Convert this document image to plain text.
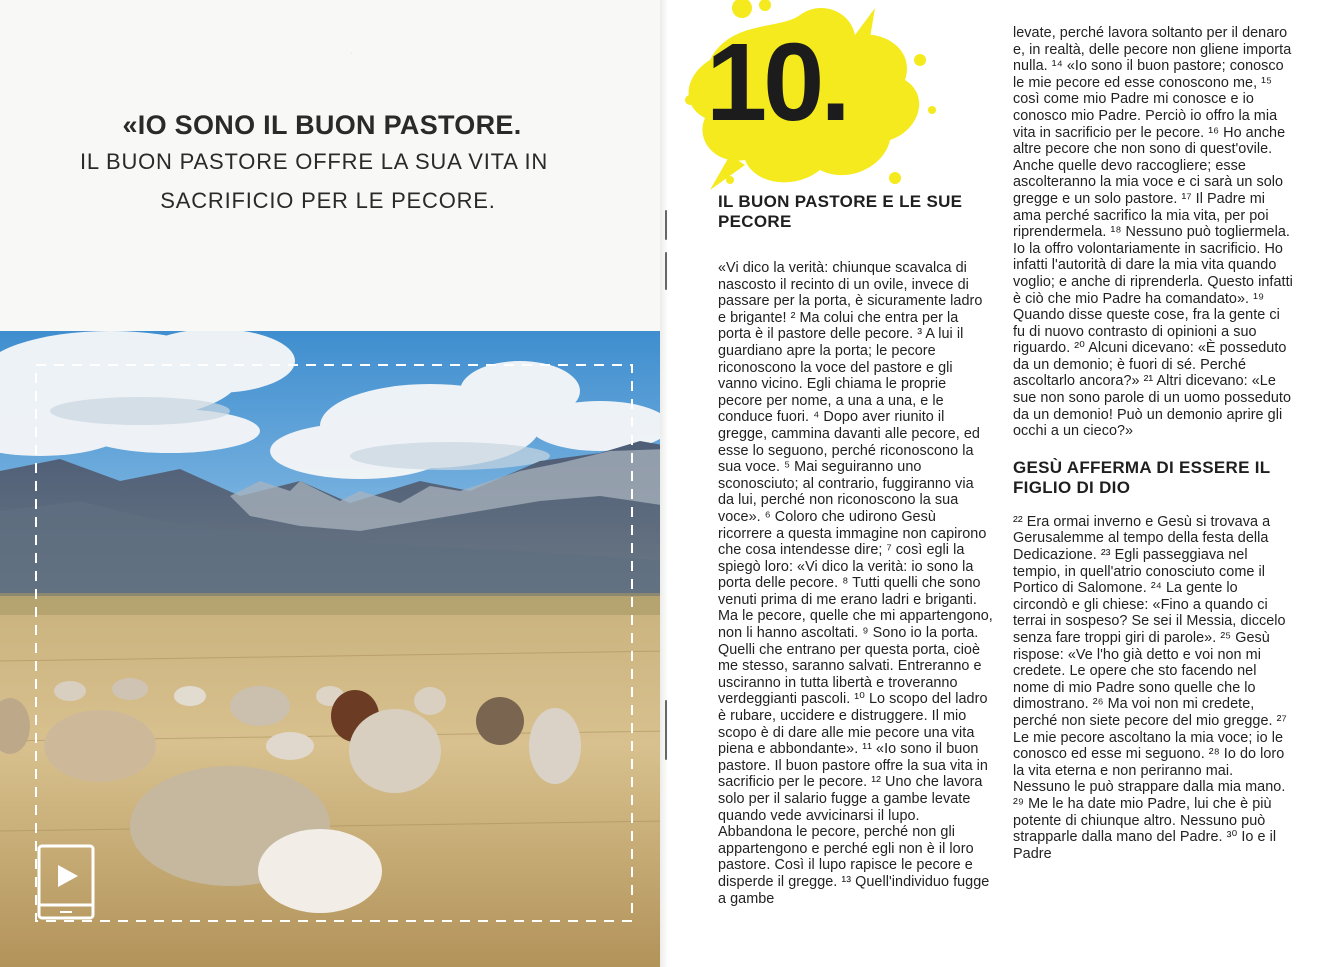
.

«IO SONO IL BUON PASTORE.
IL BUON PASTORE OFFRE LA SUA VITA IN
SACRIFICIO PER LE PECORE.
10.
IL BUON PASTORE E LE SUE
PECORE

«Vi dico la verità: chiunque scavalca di nascosto il recinto di un ovile, invece di passare per la porta, è sicuramente ladro e brigante! ² Ma colui che entra per la porta è il pastore delle pecore. ³ A lui il guardiano apre la porta; le pecore riconoscono la voce del pastore e gli vanno vicino. Egli chiama le proprie pecore per nome, a una a una, e le conduce fuori. ⁴ Dopo aver riunito il gregge, cammina davanti alle pecore, ed esse lo seguono, perché riconoscono la sua voce. ⁵ Mai seguiranno uno sconosciuto; al contrario, fuggiranno via da lui, perché non riconoscono la sua voce». ⁶ Coloro che udirono Gesù ricorrere a questa immagine non capirono che cosa intendesse dire; ⁷ così egli la spiegò loro: «Vi dico la verità: io sono la porta delle pecore. ⁸ Tutti quelli che sono venuti prima di me erano ladri e briganti. Ma le pecore, quelle che mi appartengono, non li hanno ascoltati. ⁹ Sono io la porta. Quelli che entrano per questa porta, cioè me stesso, saranno salvati. Entreranno e usciranno in tutta libertà e troveranno verdeggianti pascoli. ¹⁰ Lo scopo del ladro è rubare, uccidere e distruggere. Il mio scopo è di dare alle mie pecore una vita piena e abbondante». ¹¹ «Io sono il buon pastore. Il buon pastore offre la sua vita in sacrificio per le pecore. ¹² Uno che lavora solo per il salario fugge a gambe levate quando vede avvicinarsi il lupo. Abbandona le pecore, perché non gli appartengono e perché egli non è il loro pastore. Così il lupo rapisce le pecore e disperde il gregge. ¹³ Quell'individuo fugge a gambe

levate, perché lavora soltanto per il denaro e, in realtà, delle pecore non gliene importa nulla. ¹⁴ «Io sono il buon pastore; conosco le mie pecore ed esse conoscono me, ¹⁵ così come mio Padre mi conosce e io conosco mio Padre. Perciò io offro la mia vita in sacrificio per le pecore. ¹⁶ Ho anche altre pecore che non sono di quest'ovile. Anche quelle devo raccogliere; esse ascolteranno la mia voce e ci sarà un solo gregge e un solo pastore. ¹⁷ Il Padre mi ama perché sacrifico la mia vita, per poi riprendermela. ¹⁸ Nessuno può togliermela. Io la offro volontariamente in sacrificio. Ho infatti l'autorità di dare la mia vita quando voglio; e anche di riprenderla. Questo infatti è ciò che mio Padre ha comandato». ¹⁹ Quando disse queste cose, fra la gente ci fu di nuovo contrasto di opinioni a suo riguardo. ²⁰ Alcuni dicevano: «È posseduto da un demonio; è fuori di sé. Perché ascoltarlo ancora?» ²¹ Altri dicevano: «Le sue non sono parole di un uomo posseduto da un demonio! Può un demonio aprire gli occhi a un cieco?»

GESÙ AFFERMA DI ESSERE IL
FIGLIO DI DIO

²² Era ormai inverno e Gesù si trovava a Gerusalemme al tempo della festa della Dedicazione. ²³ Egli passeggiava nel tempio, in quell'atrio conosciuto come il Portico di Salomone. ²⁴ La gente lo circondò e gli chiese: «Fino a quando ci terrai in sospeso? Se sei il Messia, diccelo senza fare troppi giri di parole». ²⁵ Gesù rispose: «Ve l'ho già detto e voi non mi credete. Le opere che sto facendo nel nome di mio Padre sono quelle che lo dimostrano. ²⁶ Ma voi non mi credete, perché non siete pecore del mio gregge. ²⁷ Le mie pecore ascoltano la mia voce; io le conosco ed esse mi seguono. ²⁸ Io do loro la vita eterna e non periranno mai. Nessuno le può strappare dalla mia mano. ²⁹ Me le ha date mio Padre, lui che è più potente di chiunque altro. Nessuno può strapparle dalla mano del Padre. ³⁰ Io e il Padre
